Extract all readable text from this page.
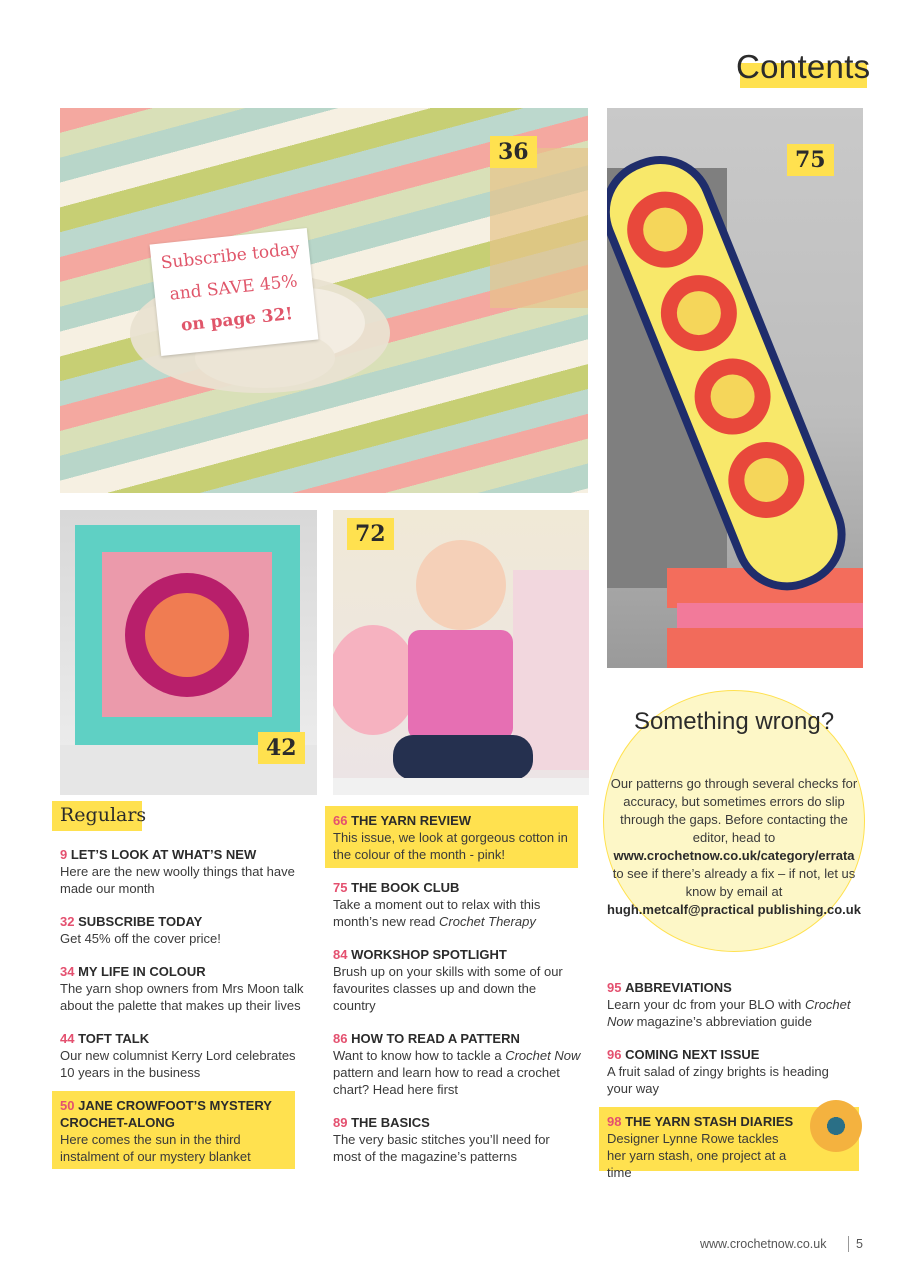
Contents
Subscribe today
and SAVE 45%
on page 32!
36	75
42
72
Regulars
9 LET’S LOOK AT WHAT’S NEW
Here are the new woolly things that have made our month
32 SUBSCRIBE TODAY
Get 45% off the cover price!
34 MY LIFE IN COLOUR
The yarn shop owners from Mrs Moon talk about the palette that makes up their lives
44 TOFT TALK
Our new columnist Kerry Lord celebrates 10 years in the business
50 JANE CROWFOOT’S MYSTERY CROCHET-ALONG
Here comes the sun in the third instalment of our mystery blanket
66 THE YARN REVIEW
This issue, we look at gorgeous cotton in the colour of the month - pink!
75 THE BOOK CLUB
Take a moment out to relax with this month’s new read Crochet Therapy
84 WORKSHOP SPOTLIGHT
Brush up on your skills with some of our favourites classes up and down the country
86 HOW TO READ A PATTERN
Want to know how to tackle a Crochet Now pattern and learn how to read a crochet chart? Head here first
89 THE BASICS
The very basic stitches you’ll need for most of the magazine’s patterns
Something wrong?
Our patterns go through several checks for accuracy, but sometimes errors do slip through the gaps. Before contacting the editor, head to
www.crochetnow.co.uk/category/errata
to see if there’s already a fix – if not, let us know by email at
hugh.metcalf@practical publishing.co.uk
95 ABBREVIATIONS
Learn your dc from your BLO with Crochet Now magazine’s abbreviation guide
96 COMING NEXT ISSUE
A fruit salad of zingy brights is heading your way
98 THE YARN STASH DIARIES
Designer Lynne Rowe tackles her yarn stash, one project at a time
www.crochetnow.co.uk 5
